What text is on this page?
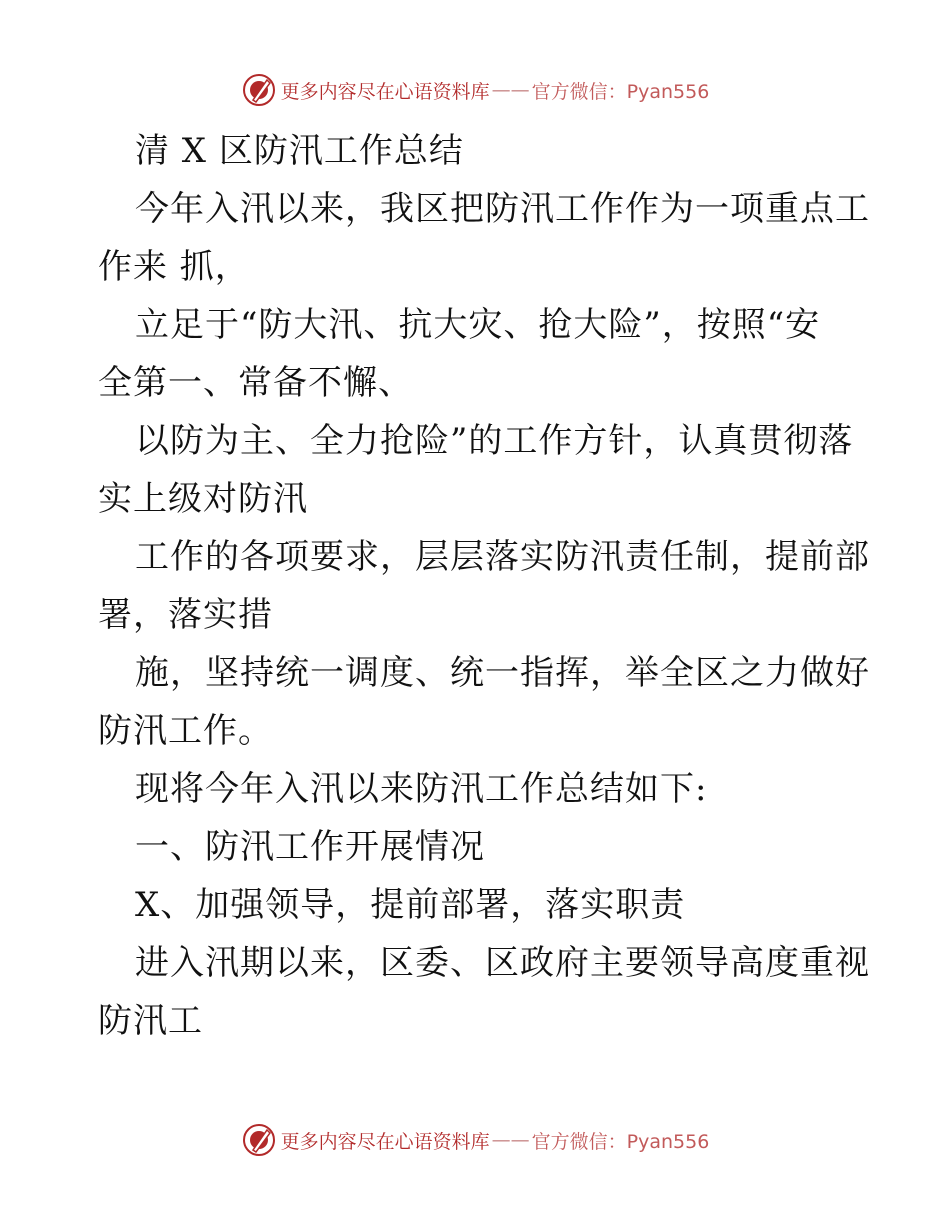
更多内容尽在心语资料库 —— 官方微信：Pyan556
清 X 区防汛工作总结
今年入汛以来，我区把防汛工作作为一项重点工
作来 抓，
立足于“防大汛、抗大灾、抢大险”，按照“安
全第一、常备不懈、
以防为主、全力抢险”的工作方针，认真贯彻落
实上级对防汛
工作的各项要求，层层落实防汛责任制，提前部
署，落实措
施，坚持统一调度、统一指挥，举全区之力做好
防汛工作。
现将今年入汛以来防汛工作总结如下:
一、防汛工作开展情况
X、加强领导，提前部署，落实职责
进入汛期以来，区委、区政府主要领导高度重视
防汛工
更多内容尽在心语资料库 —— 官方微信：Pyan556
